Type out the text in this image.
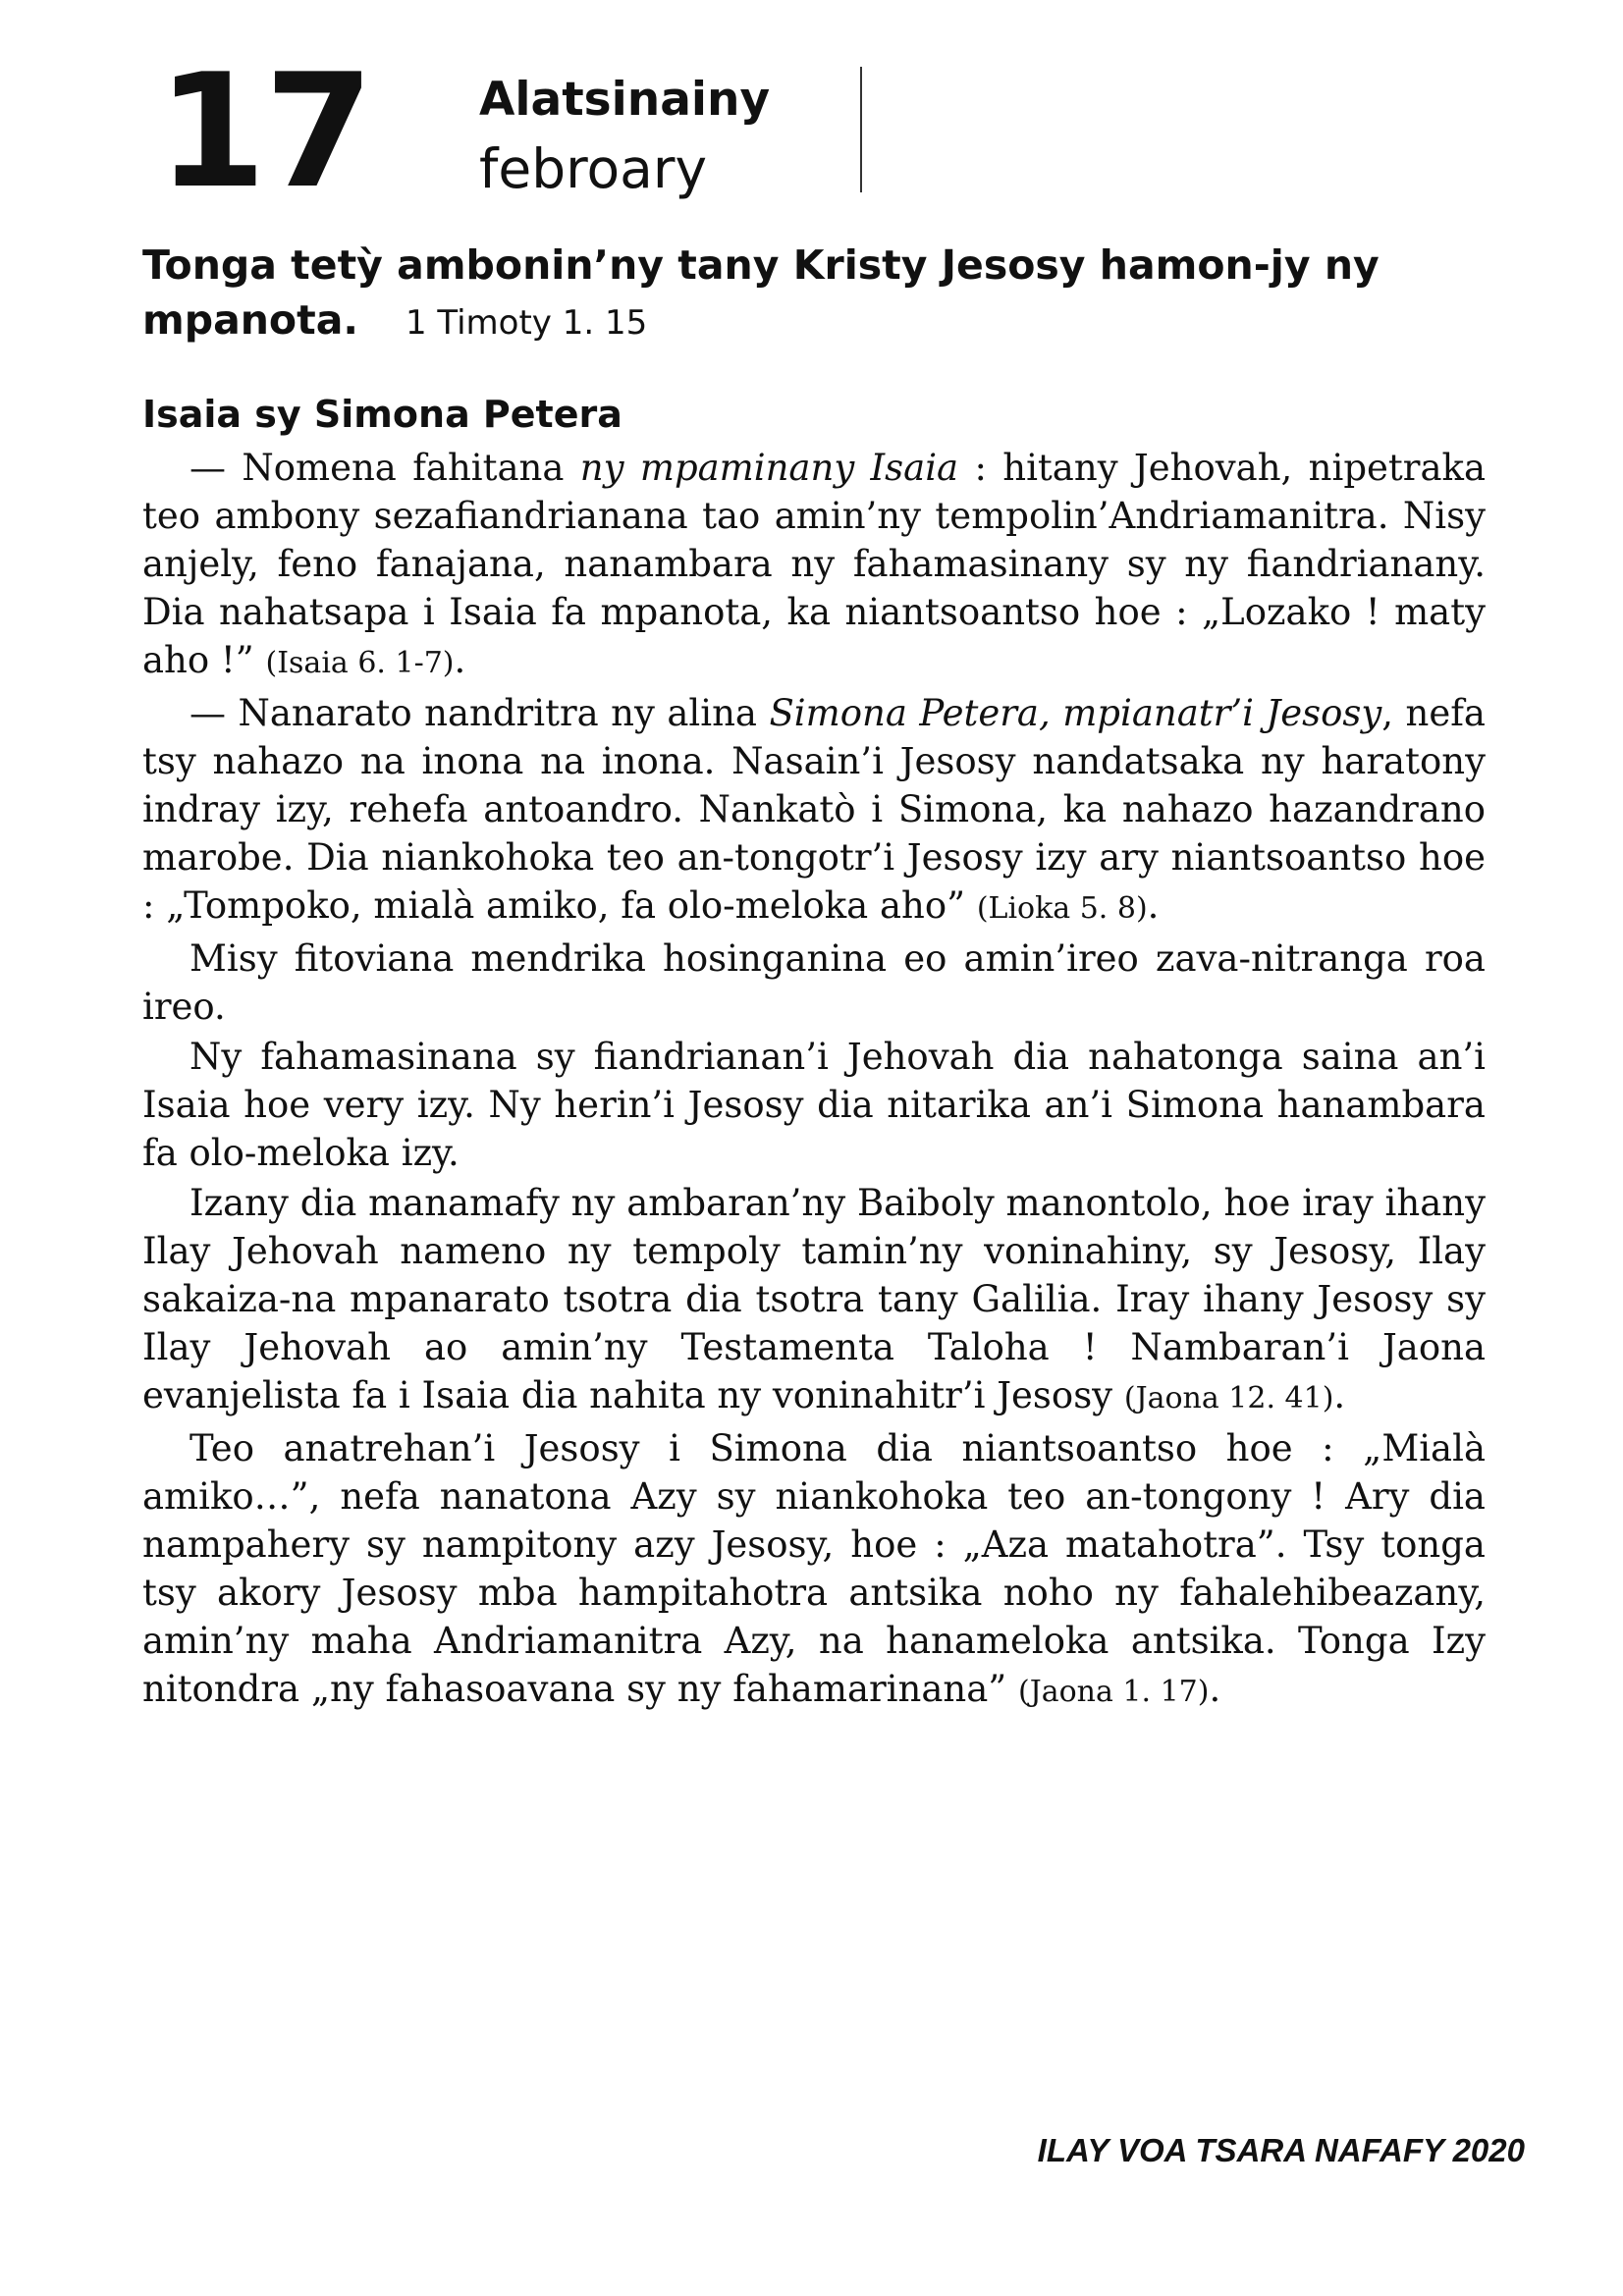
17 Alatsinainy
febroary
Tonga tetỳ ambonin’ny tany Kristy Jesosy hamon-jy ny mpanota. 1 Timoty 1. 15
Isaia sy Simona Petera

— Nomena fahitana ny mpaminany Isaia : hitany Jehovah, nipetraka teo ambony sezafiandrianana tao amin’ny tempolin’Andriamanitra. Nisy anjely, feno fanajana, nanambara ny fahamasinany sy ny fiandrianany. Dia nahatsapa i Isaia fa mpanota, ka niantsoantso hoe : „Lozako ! maty aho !” (Isaia 6. 1-7).

— Nanarato nandritra ny alina Simona Petera, mpianatr’i Jesosy, nefa tsy nahazo na inona na inona. Nasain’i Jesosy nandatsaka ny haratony indray izy, rehefa antoandro. Nankatò i Simona, ka nahazo hazandrano marobe. Dia niankohoka teo an-tongotr’i Jesosy izy ary niantsoantso hoe : „Tompoko, mialà amiko, fa olo-meloka aho” (Lioka 5. 8).

Misy fitoviana mendrika hosinganina eo amin’ireo zava-nitranga roa ireo.

Ny fahamasinana sy fiandrianan’i Jehovah dia nahatonga saina an’i Isaia hoe very izy. Ny herin’i Jesosy dia nitarika an’i Simona hanambara fa olo-meloka izy.

Izany dia manamafy ny ambaran’ny Baiboly manontolo, hoe iray ihany Ilay Jehovah nameno ny tempoly tamin’ny voninahiny, sy Jesosy, Ilay sakaiza-na mpanarato tsotra dia tsotra tany Galilia. Iray ihany Jesosy sy Ilay Jehovah ao amin’ny Testamenta Taloha ! Nambaran’i Jaona evanjelista fa i Isaia dia nahita ny voninahitr’i Jesosy (Jaona 12. 41).

Teo anatrehan’i Jesosy i Simona dia niantsoantso hoe : „Mialà amiko…”, nefa nanatona Azy sy niankohoka teo an-tongony ! Ary dia nampahery sy nampitony azy Jesosy, hoe : „Aza matahotra”. Tsy tonga tsy akory Jesosy mba hampitahotra antsika noho ny fahalehibeazany, amin’ny maha Andriamanitra Azy, na hanameloka antsika. Tonga Izy nitondra „ny fahasoavana sy ny fahamarinana” (Jaona 1. 17).

ILAY VOA TSARA NAFAFY 2020
